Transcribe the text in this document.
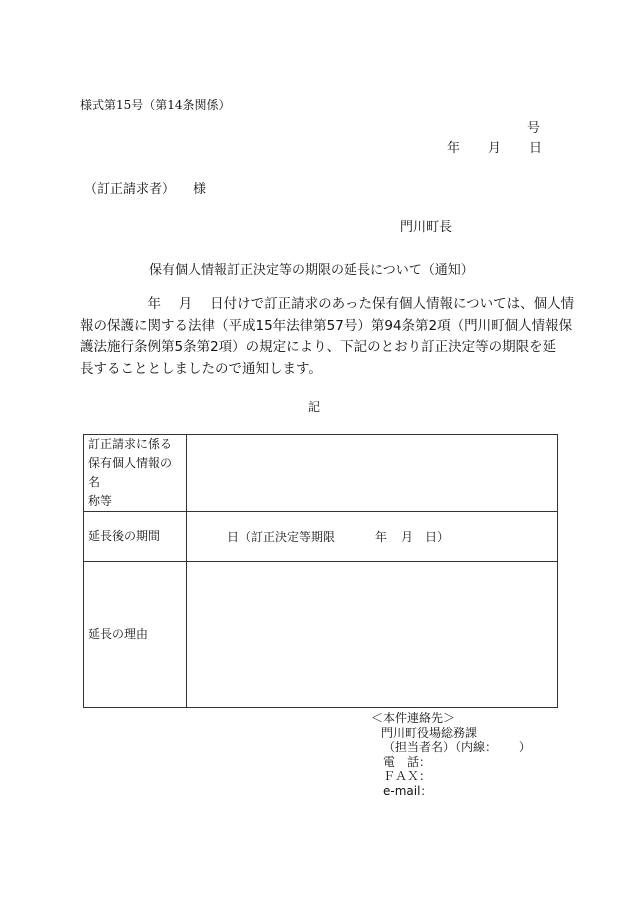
様式第15号（第14条関係）
号
年 月 日
（訂正請求者） 様
門川町長
保有個人情報訂正決定等の期限の延長について（通知）
　　　　　年　 月　 日付けで訂正請求のあった保有個人情報については、個人情
報の保護に関する法律（平成15年法律第57号）第94条第2項（門川町個人情報保
護法施行条例第5条第2項）の規定により、下記のとおり訂正決定等の期限を延
長することとしましたので通知します。
記
訂正請求に係る
保有個人情報の名
称等	

延長後の期間	日（訂正決定等期限 年 月 日）
延長の理由	
＜本件連絡先＞
門川町役場総務課
（担当者名）（内線：　　 ）
電　話：
ＦＡＸ：
e-mail：
